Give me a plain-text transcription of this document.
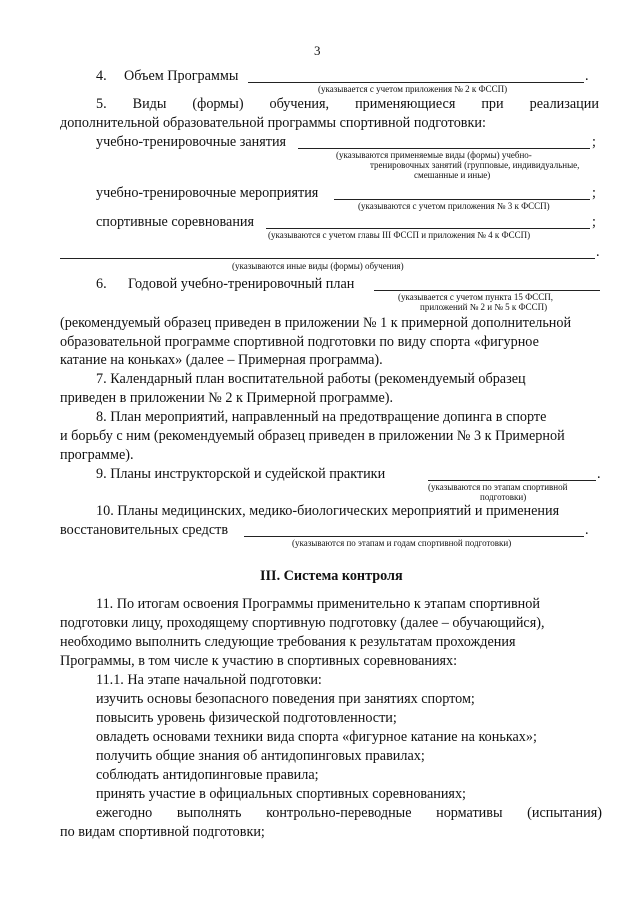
3
4. Объем Программы	.
(указывается с учетом приложения № 2 к ФССП)
5. Виды (формы) обучения, применяющиеся при реализации
дополнительной образовательной программы спортивной подготовки:
учебно-тренировочные занятия	;
(указываются применяемые виды (формы) учебно-
тренировочных занятий (групповые, индивидуальные,
смешанные и иные)
учебно-тренировочные мероприятия	;
(указываются с учетом приложения № 3 к ФССП)
спортивные соревнования	;
(указываются с учетом главы III ФССП и приложения № 4 к ФССП)
.
(указываются иные виды (формы) обучения)
6. Годовой учебно-тренировочный план
(указывается с учетом пункта 15 ФССП,
приложений № 2 и № 5 к ФССП)
(рекомендуемый образец приведен в приложении № 1 к примерной дополнительной
образовательной программе спортивной подготовки по виду спорта «фигурное
катание на коньках» (далее – Примерная программа).
7. Календарный план воспитательной работы (рекомендуемый образец
приведен в приложении № 2 к Примерной программе).
8. План мероприятий, направленный на предотвращение допинга в спорте
и борьбу с ним (рекомендуемый образец приведен в приложении № 3 к Примерной
программе).
9. Планы инструкторской и судейской практики	.
(указываются по этапам спортивной
подготовки)
10. Планы медицинских, медико-биологических мероприятий и применения
восстановительных средств	.
(указываются по этапам и годам спортивной подготовки)
III. Система контроля
11. По итогам освоения Программы применительно к этапам спортивной
подготовки лицу, проходящему спортивную подготовку (далее – обучающийся),
необходимо выполнить следующие требования к результатам прохождения
Программы, в том числе к участию в спортивных соревнованиях:
11.1. На этапе начальной подготовки:
изучить основы безопасного поведения при занятиях спортом;
повысить уровень физической подготовленности;
овладеть основами техники вида спорта «фигурное катание на коньках»;
получить общие знания об антидопинговых правилах;
соблюдать антидопинговые правила;
принять участие в официальных спортивных соревнованиях;
ежегодно выполнять контрольно-переводные нормативы (испытания)
по видам спортивной подготовки;
